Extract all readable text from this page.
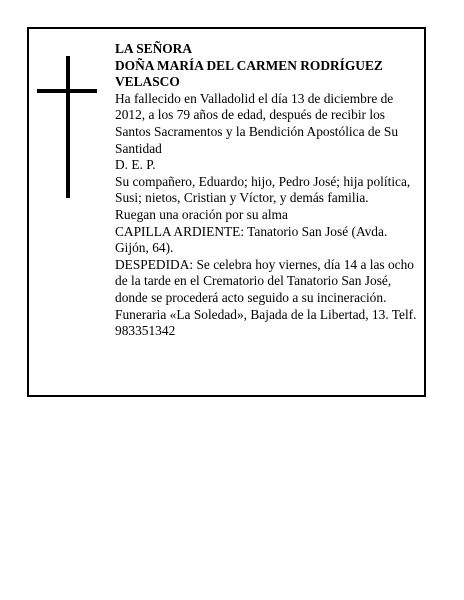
LA SEÑORA
DOÑA MARÍA DEL CARMEN RODRÍGUEZ
VELASCO
Ha fallecido en Valladolid el día 13 de diciembre de
2012, a los 79 años de edad, después de recibir los
Santos Sacramentos y la Bendición Apostólica de Su
Santidad
D. E. P.
Su compañero, Eduardo; hijo, Pedro José; hija política,
Susi; nietos, Cristian y Víctor, y demás familia.
Ruegan una oración por su alma
CAPILLA ARDIENTE: Tanatorio San José (Avda.
Gijón, 64).
DESPEDIDA: Se celebra hoy viernes, día 14 a las ocho
de la tarde en el Crematorio del Tanatorio San José,
donde se procederá acto seguido a su incineración.
Funeraria «La Soledad», Bajada de la Libertad, 13. Telf.
983351342
